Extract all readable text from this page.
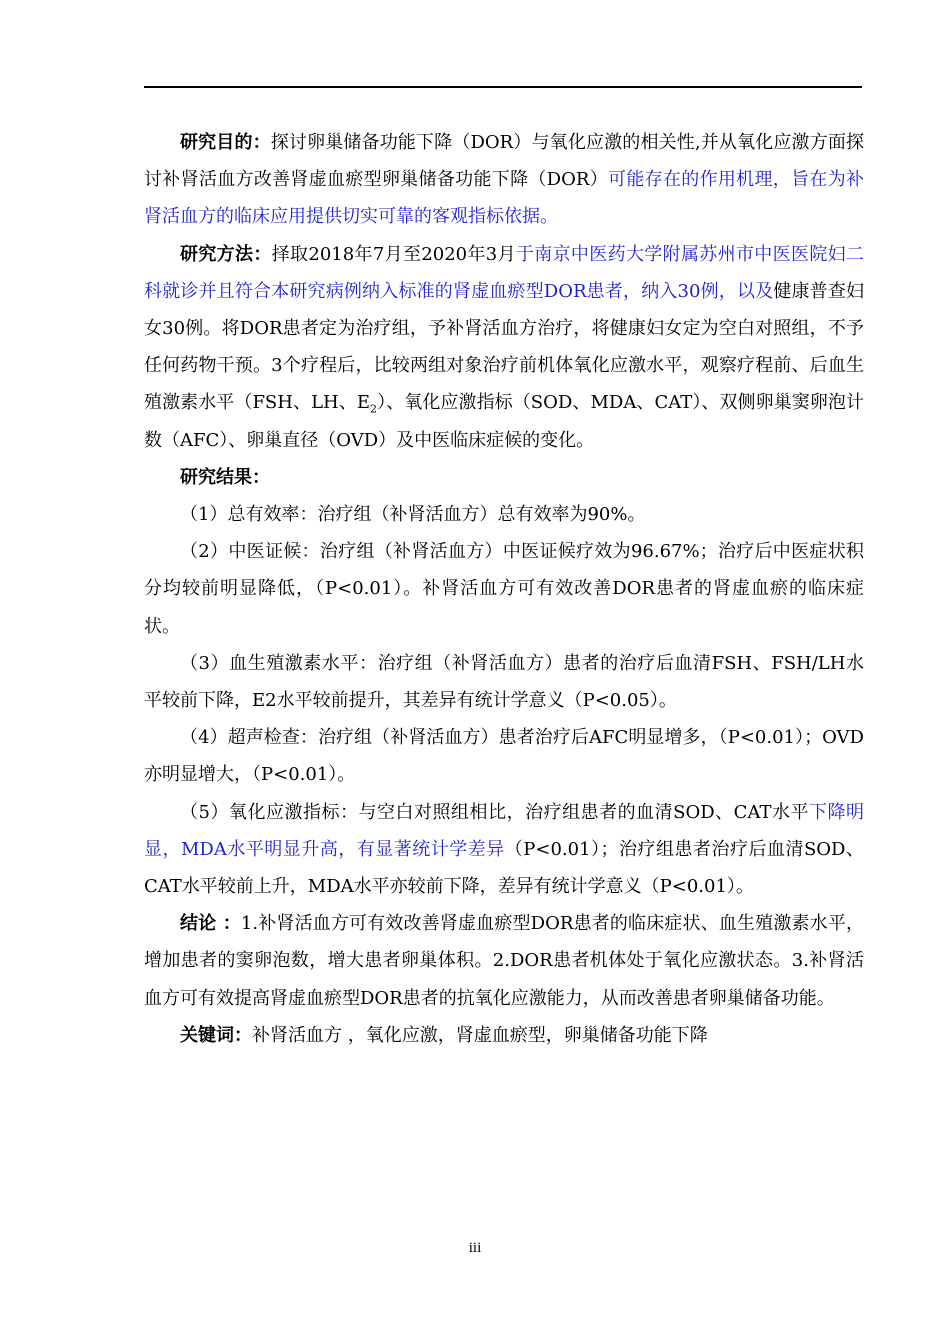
研究目的：探讨卵巢储备功能下降（DOR）与氧化应激的相关性,并从氧化应激方面探讨补肾活血方改善肾虚血瘀型卵巢储备功能下降（DOR）可能存在的作用机理，旨在为补肾活血方的临床应用提供切实可靠的客观指标依据。

研究方法：择取2018年7月至2020年3月于南京中医药大学附属苏州市中医医院妇二科就诊并且符合本研究病例纳入标准的肾虚血瘀型DOR患者，纳入30例，以及健康普查妇女30例。将DOR患者定为治疗组，予补肾活血方治疗，将健康妇女定为空白对照组，不予任何药物干预。3个疗程后，比较两组对象治疗前机体氧化应激水平，观察疗程前、后血生殖激素水平（FSH、LH、$E_2$）、氧化应激指标（SOD、MDA、CAT）、双侧卵巢窦卵泡计数（AFC）、卵巢直径（OVD）及中医临床症候的变化。

研究结果：

（1）总有效率：治疗组（补肾活血方）总有效率为90%。

（2）中医证候：治疗组（补肾活血方）中医证候疗效为96.67%；治疗后中医症状积分均较前明显降低，（P<0.01）。补肾活血方可有效改善DOR患者的肾虚血瘀的临床症状。

（3）血生殖激素水平：治疗组（补肾活血方）患者的治疗后血清FSH、FSH/LH水平较前下降，E2水平较前提升，其差异有统计学意义（P<0.05）。

（4）超声检查：治疗组（补肾活血方）患者治疗后AFC明显增多，（P<0.01）；OVD亦明显增大，（P<0.01）。

（5）氧化应激指标：与空白对照组相比，治疗组患者的血清SOD、CAT水平下降明显，MDA水平明显升高，有显著统计学差异（P<0.01）；治疗组患者治疗后血清SOD、CAT水平较前上升，MDA水平亦较前下降，差异有统计学意义（P<0.01）。

结论 ：1.补肾活血方可有效改善肾虚血瘀型DOR患者的临床症状、血生殖激素水平，增加患者的窦卵泡数，增大患者卵巢体积。2.DOR患者机体处于氧化应激状态。3.补肾活血方可有效提高肾虚血瘀型DOR患者的抗氧化应激能力，从而改善患者卵巢储备功能。

关键词：补肾活血方 ，氧化应激，肾虚血瘀型，卵巢储备功能下降

iii
